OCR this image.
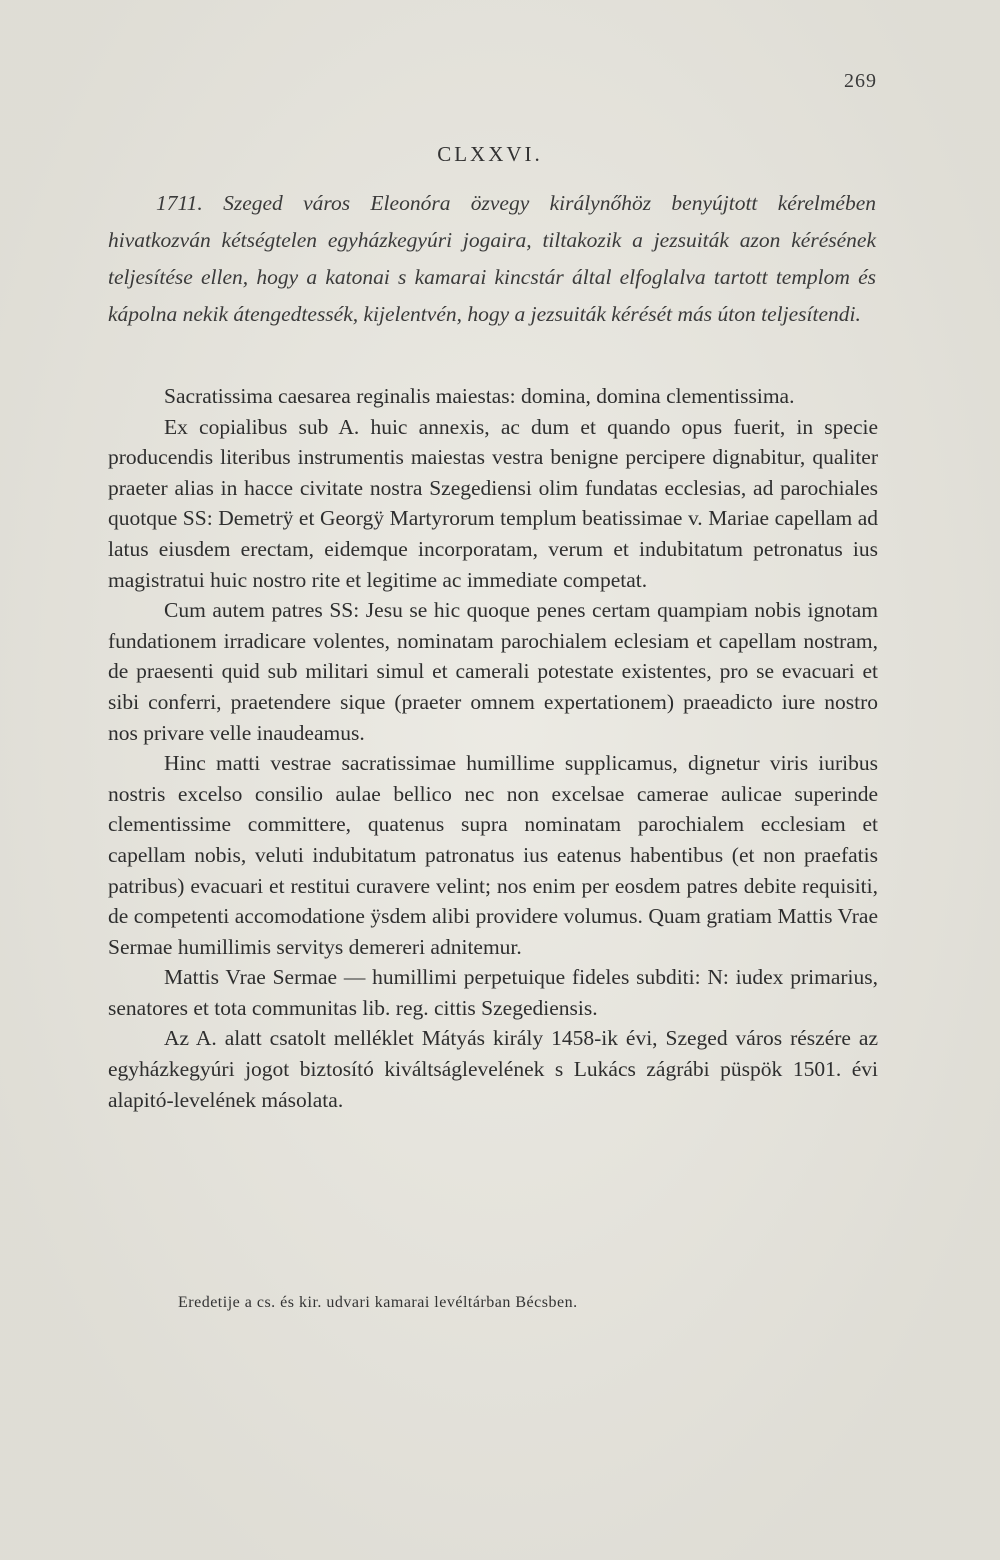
269
CLXXVI.
1711. Szeged város Eleonóra özvegy királynőhöz benyújtott kérelmében hivatkozván kétségtelen egyházkegyúri jogaira, tiltakozik a jezsuiták azon kérésének teljesítése ellen, hogy a katonai s kamarai kincstár által elfoglalva tartott templom és kápolna nekik átengedtessék, kijelentvén, hogy a jezsuiták kérését más úton teljesítendi.

Sacratissima caesarea reginalis maiestas: domina, domina clementissima.

Ex copialibus sub A. huic annexis, ac dum et quando opus fuerit, in specie producendis literibus instrumentis maiestas vestra benigne percipere dignabitur, qualiter praeter alias in hacce civitate nostra Szegediensi olim fundatas ecclesias, ad parochiales quotque SS: Demetrÿ et Georgÿ Martyrorum templum beatissimae v. Mariae capellam ad latus eiusdem erectam, eidemque incorporatam, verum et indubitatum petronatus ius magistratui huic nostro rite et legitime ac immediate competat.

Cum autem patres SS: Jesu se hic quoque penes certam quampiam nobis ignotam fundationem irradicare volentes, nominatam parochialem eclesiam et capellam nostram, de praesenti quid sub militari simul et camerali potestate existentes, pro se evacuari et sibi conferri, praetendere sique (praeter omnem expertationem) praeadicto iure nostro nos privare velle inaudeamus.

Hinc matti vestrae sacratissimae humillime supplicamus, dignetur viris iuribus nostris excelso consilio aulae bellico nec non excelsae camerae aulicae superinde clementissime committere, quatenus supra nominatam parochialem ecclesiam et capellam nobis, veluti indubitatum patronatus ius eatenus habentibus (et non praefatis patribus) evacuari et restitui curavere velint; nos enim per eosdem patres debite requisiti, de competenti accomodatione ÿsdem alibi providere volumus. Quam gratiam Mattis Vrae Sermae humillimis servitys demereri adnitemur.

Mattis Vrae Sermae — humillimi perpetuique fideles subditi: N: iudex primarius, senatores et tota communitas lib. reg. cittis Szegediensis.

Az A. alatt csatolt melléklet Mátyás király 1458-ik évi, Szeged város részére az egyházkegyúri jogot biztosító kiváltságlevelének s Lukács zágrábi püspök 1501. évi alapitó-levelének másolata.

Eredetije a cs. és kir. udvari kamarai levéltárban Bécsben.
